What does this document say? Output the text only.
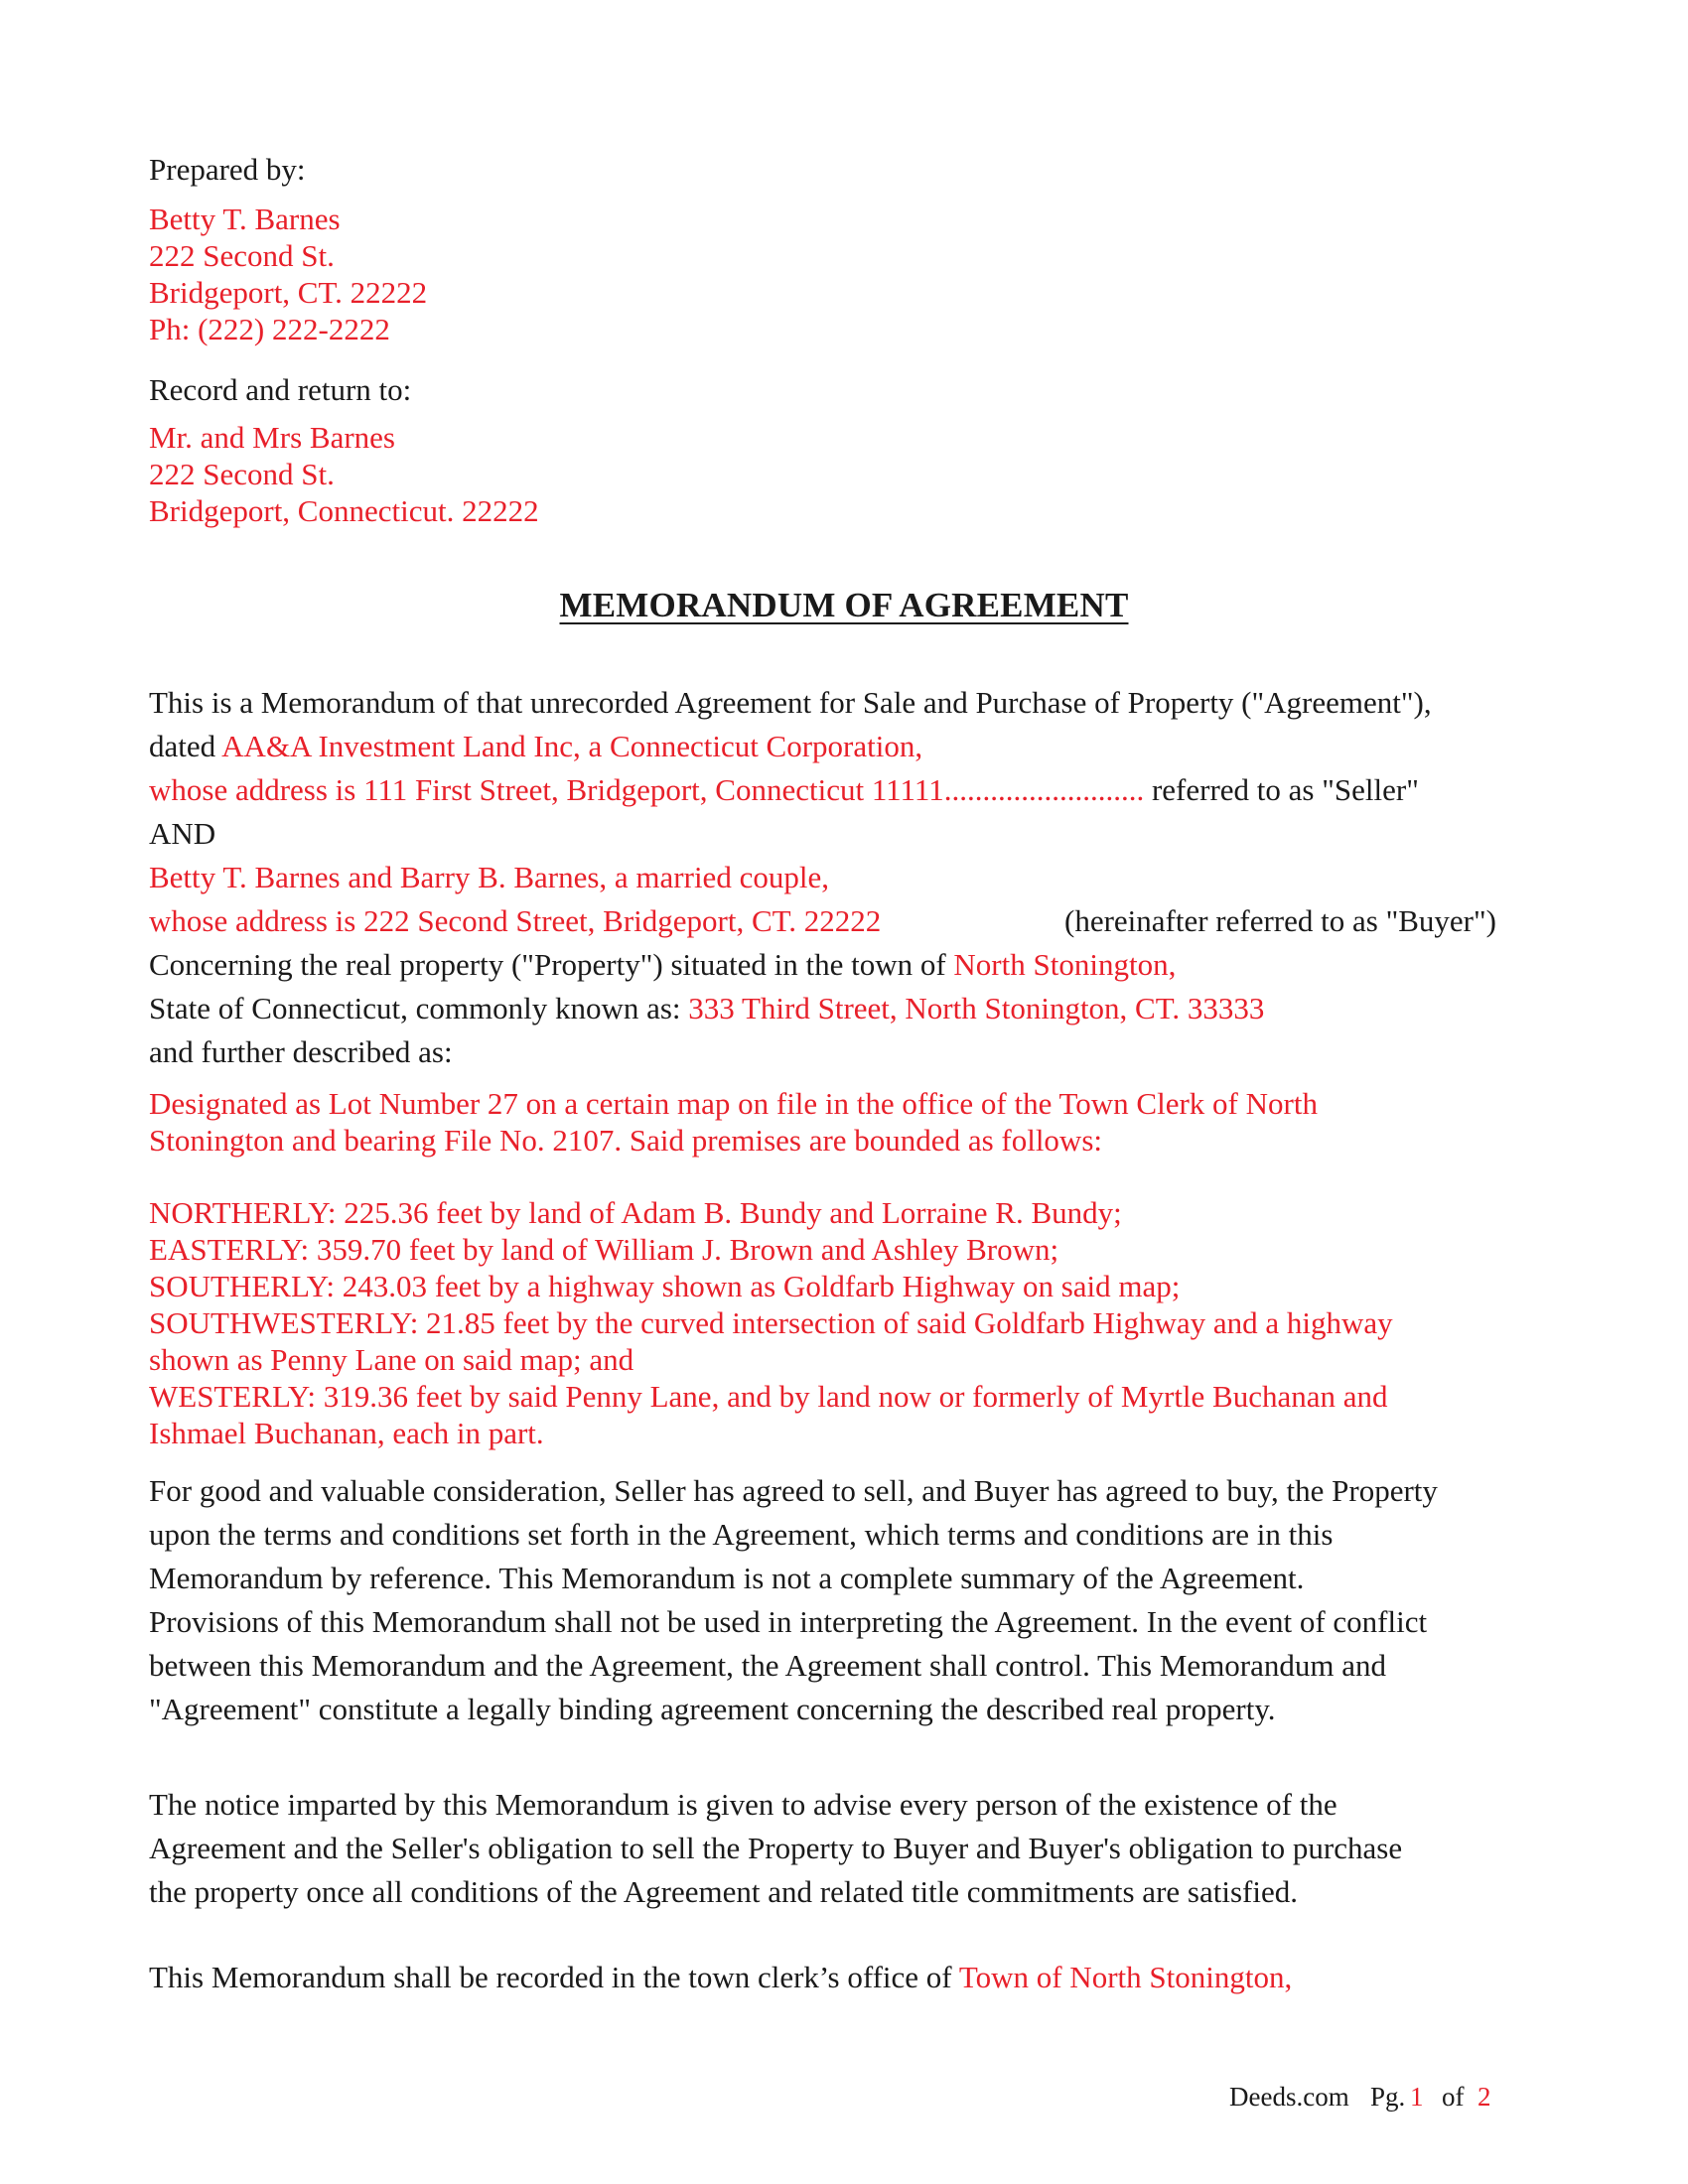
Prepared by:
Betty T. Barnes
222 Second St.
Bridgeport, CT. 22222
Ph: (222) 222-2222
Record and return to:
Mr. and Mrs Barnes
222 Second St.
Bridgeport, Connecticut. 22222
MEMORANDUM OF AGREEMENT
This is a Memorandum of that unrecorded Agreement for Sale and Purchase of Property ("Agreement"),
dated AA&A Investment Land Inc, a Connecticut Corporation,
whose address is 111 First Street, Bridgeport, Connecticut 11111.......................... referred to as "Seller"
AND
Betty T. Barnes and Barry B. Barnes, a married couple,
whose address is 222 Second Street, Bridgeport, CT. 22222	(hereinafter referred to as "Buyer")
Concerning the real property ("Property") situated in the town of North Stonington,
State of Connecticut, commonly known as: 333 Third Street, North Stonington, CT. 33333
and further described as:
Designated as Lot Number 27 on a certain map on file in the office of the Town Clerk of North
Stonington and bearing File No. 2107. Said premises are bounded as follows:
NORTHERLY: 225.36 feet by land of Adam B. Bundy and Lorraine R. Bundy;
EASTERLY: 359.70 feet by land of William J. Brown and Ashley Brown;
SOUTHERLY: 243.03 feet by a highway shown as Goldfarb Highway on said map;
SOUTHWESTERLY: 21.85 feet by the curved intersection of said Goldfarb Highway and a highway
shown as Penny Lane on said map; and
WESTERLY: 319.36 feet by said Penny Lane, and by land now or formerly of Myrtle Buchanan and
Ishmael Buchanan, each in part.
For good and valuable consideration, Seller has agreed to sell, and Buyer has agreed to buy, the Property
upon the terms and conditions set forth in the Agreement, which terms and conditions are in this
Memorandum by reference. This Memorandum is not a complete summary of the Agreement.
Provisions of this Memorandum shall not be used in interpreting the Agreement. In the event of conflict
between this Memorandum and the Agreement, the Agreement shall control. This Memorandum and
"Agreement" constitute a legally binding agreement concerning the described real property.
The notice imparted by this Memorandum is given to advise every person of the existence of the
Agreement and the Seller's obligation to sell the Property to Buyer and Buyer's obligation to purchase
the property once all conditions of the Agreement and related title commitments are satisfied.
This Memorandum shall be recorded in the town clerk’s office of Town of North Stonington,
Deeds.com Pg. 1 of 2
